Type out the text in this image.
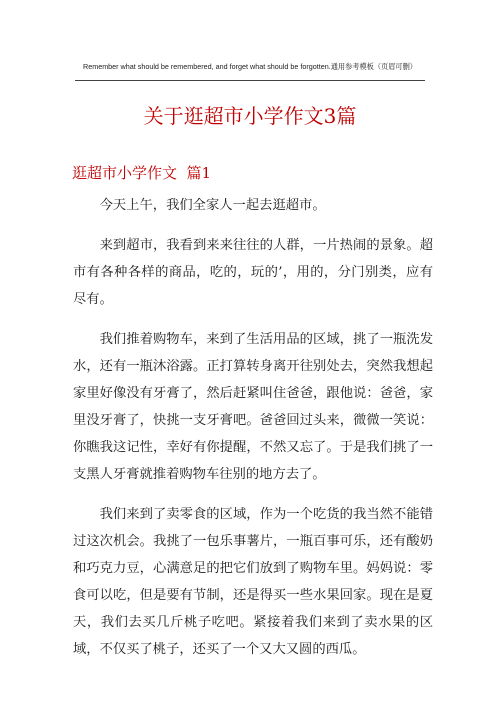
Remember what should be remembered, and forget what should be forgotten.通用参考模板（页眉可删）
关于逛超市小学作文3篇
逛超市小学作文  篇1

今天上午，我们全家人一起去逛超市。

来到超市，我看到来来往往的人群，一片热闹的景象。超市有各种各样的商品，吃的，玩的’，用的，分门别类，应有尽有。

我们推着购物车，来到了生活用品的区域，挑了一瓶洗发水，还有一瓶沐浴露。正打算转身离开往别处去，突然我想起家里好像没有牙膏了，然后赶紧叫住爸爸，跟他说：爸爸，家里没牙膏了，快挑一支牙膏吧。爸爸回过头来，微微一笑说：你瞧我这记性，幸好有你提醒，不然又忘了。于是我们挑了一支黑人牙膏就推着购物车往别的地方去了。

我们来到了卖零食的区域，作为一个吃货的我当然不能错过这次机会。我挑了一包乐事薯片，一瓶百事可乐，还有酸奶和巧克力豆，心满意足的把它们放到了购物车里。妈妈说：零食可以吃，但是要有节制，还是得买一些水果回家。现在是夏天，我们去买几斤桃子吃吧。紧接着我们来到了卖水果的区域，不仅买了桃子，还买了一个又大又圆的西瓜。
